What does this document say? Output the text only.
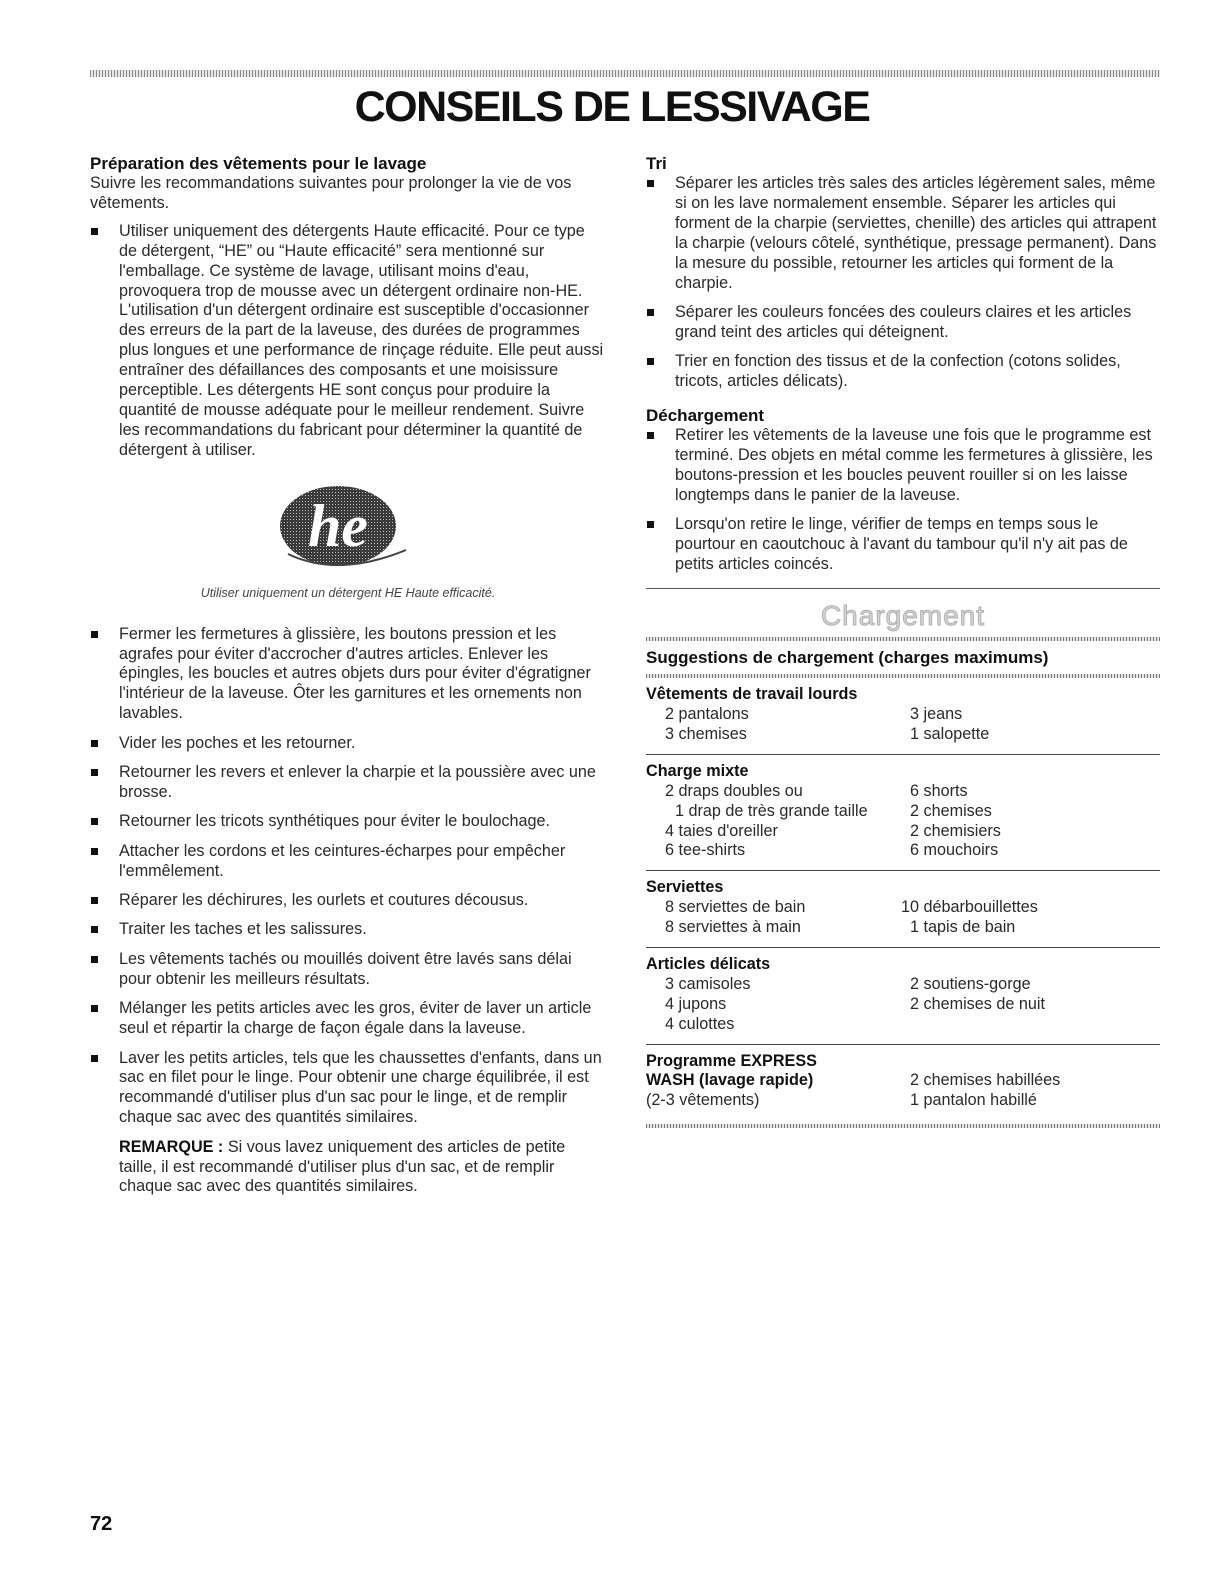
CONSEILS DE LESSIVAGE
Préparation des vêtements pour le lavage

Suivre les recommandations suivantes pour prolonger la vie de vos vêtements.

Utiliser uniquement des détergents Haute efficacité. Pour ce type de détergent, “HE” ou “Haute efficacité” sera mentionné sur l'emballage. Ce système de lavage, utilisant moins d'eau, provoquera trop de mousse avec un détergent ordinaire non-HE. L'utilisation d'un détergent ordinaire est susceptible d'occasionner des erreurs de la part de la laveuse, des durées de programmes plus longues et une performance de rinçage réduite. Elle peut aussi entraîner des défaillances des composants et une moisissure perceptible. Les détergents HE sont conçus pour produire la quantité de mousse adéquate pour le meilleur rendement. Suivre les recommandations du fabricant pour déterminer la quantité de détergent à utiliser.
he

Utiliser uniquement un détergent HE Haute efficacité.

Fermer les fermetures à glissière, les boutons pression et les agrafes pour éviter d'accrocher d'autres articles. Enlever les épingles, les boucles et autres objets durs pour éviter d'égratigner l'intérieur de la laveuse. Ôter les garnitures et les ornements non lavables.
Vider les poches et les retourner.
Retourner les revers et enlever la charpie et la poussière avec une brosse.
Retourner les tricots synthétiques pour éviter le boulochage.
Attacher les cordons et les ceintures-écharpes pour empêcher l'emmêlement.
Réparer les déchirures, les ourlets et coutures décousus.
Traiter les taches et les salissures.
Les vêtements tachés ou mouillés doivent être lavés sans délai pour obtenir les meilleurs résultats.
Mélanger les petits articles avec les gros, éviter de laver un article seul et répartir la charge de façon égale dans la laveuse.
Laver les petits articles, tels que les chaussettes d'enfants, dans un sac en filet pour le linge. Pour obtenir une charge équilibrée, il est recommandé d'utiliser plus d'un sac pour le linge, et de remplir chaque sac avec des quantités similaires.

REMARQUE : Si vous lavez uniquement des articles de petite taille, il est recommandé d'utiliser plus d'un sac, et de remplir chaque sac avec des quantités similaires.

Tri
Séparer les articles très sales des articles légèrement sales, même si on les lave normalement ensemble. Séparer les articles qui forment de la charpie (serviettes, chenille) des articles qui attrapent la charpie (velours côtelé, synthétique, pressage permanent). Dans la mesure du possible, retourner les articles qui forment de la charpie.
Séparer les couleurs foncées des couleurs claires et les articles grand teint des articles qui déteignent.
Trier en fonction des tissus et de la confection (cotons solides, tricots, articles délicats).
Déchargement
Retirer les vêtements de la laveuse une fois que le programme est terminé. Des objets en métal comme les fermetures à glissière, les boutons-pression et les boucles peuvent rouiller si on les laisse longtemps dans le panier de la laveuse.
Lorsqu'on retire le linge, vérifier de temps en temps sous le pourtour en caoutchouc à l'avant du tambour qu'il n'y ait pas de petits articles coincés.
Chargement
Suggestions de chargement (charges maximums)
Vêtements de travail lourds
2 pantalons	3 jeans
3 chemises	1 salopette
Charge mixte
2 draps doubles ou	6 shorts
1 drap de très grande taille	2 chemises
4 taies d'oreiller	2 chemisiers
6 tee-shirts	6 mouchoirs
Serviettes
8 serviettes de bain	10 débarbouillettes
8 serviettes à main	1 tapis de bain
Articles délicats
3 camisoles	2 soutiens-gorge
4 jupons	2 chemises de nuit
4 culottes
Programme EXPRESS
WASH (lavage rapide)	2 chemises habillées
(2-3 vêtements)	1 pantalon habillé
72
